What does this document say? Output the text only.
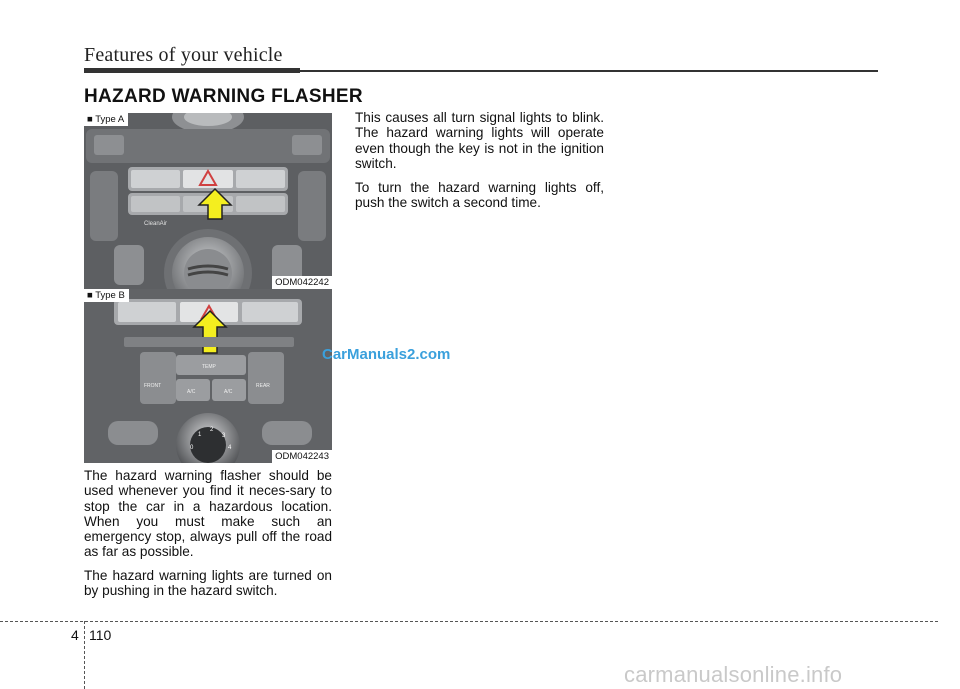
Features of your vehicle
HAZARD WARNING FLASHER
CleanAir
■ Type A
ODM042242
FRONT	REAR
TEMP
A/C	A/C
2
1	3
4
0
■ Type B
ODM042243

The hazard warning flasher should be used whenever you find it neces-sary to stop the car in a hazardous location. When you must make such an emergency stop, always pull off the road as far as possible.

The hazard warning lights are turned on by pushing in the hazard switch.

This causes all turn signal lights to blink. The hazard warning lights will operate even though the key is not in the ignition switch.

To turn the hazard warning lights off, push the switch a second time.

CarManuals2.com
4 110
carmanualsonline.info
